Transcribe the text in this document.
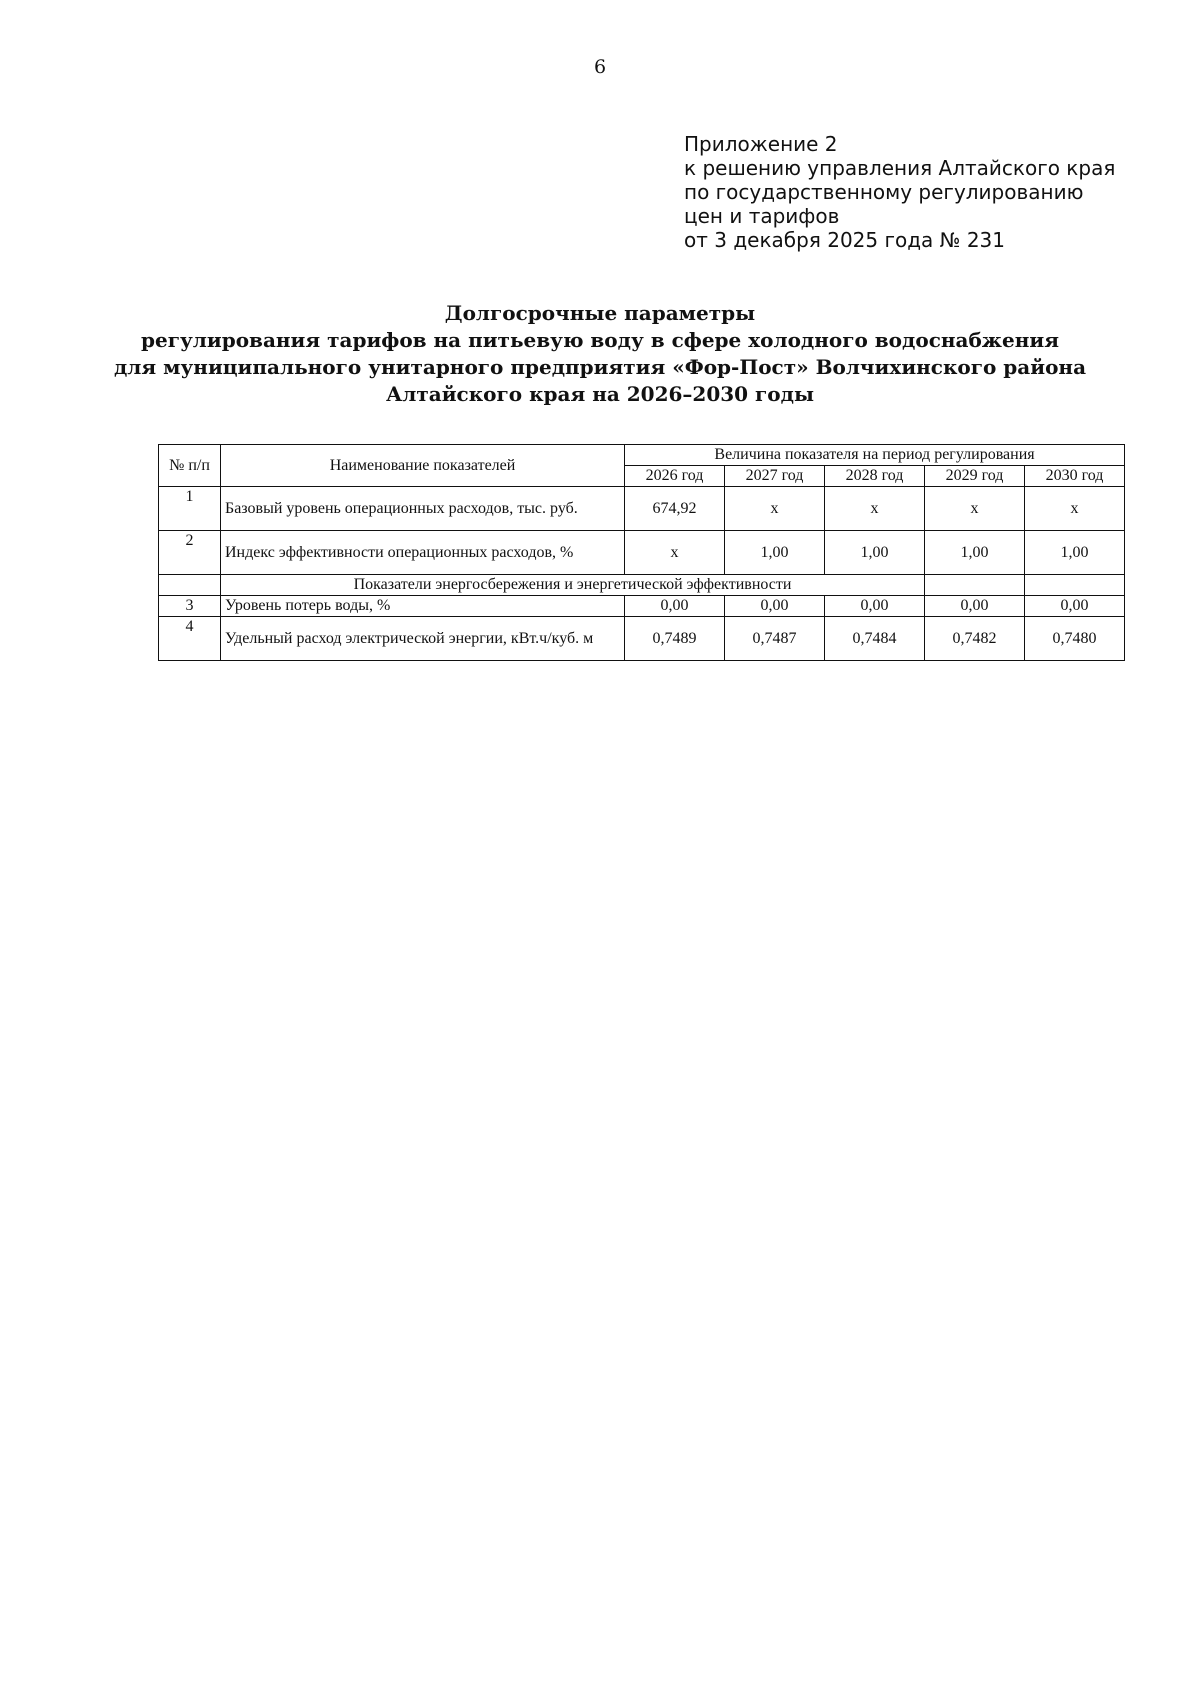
6
Приложение 2
к решению управления Алтайского края
по государственному регулированию
цен и тарифов
от 3 декабря 2025 года № 231
Долгосрочные параметры
регулирования тарифов на питьевую воду в сфере холодного водоснабжения
для муниципального унитарного предприятия «Фор-Пост» Волчихинского района
Алтайского края на 2026–2030 годы
№ п/п	Наименование показателей	Величина показателя на период регулирования				
		2026 год	2027 год	2028 год	2029 год	2030 год
1	Базовый уровень операционных расходов, тыс. руб.	674,92	х	х	х	х
2	Индекс эффективности операционных расходов, %	х	1,00	1,00	1,00	1,00
	Показатели энергосбережения и энергетической эффективности					
3	Уровень потерь воды, %	0,00	0,00	0,00	0,00	0,00
4	Удельный расход электрической энергии, кВт.ч/куб. м	0,7489	0,7487	0,7484	0,7482	0,7480
